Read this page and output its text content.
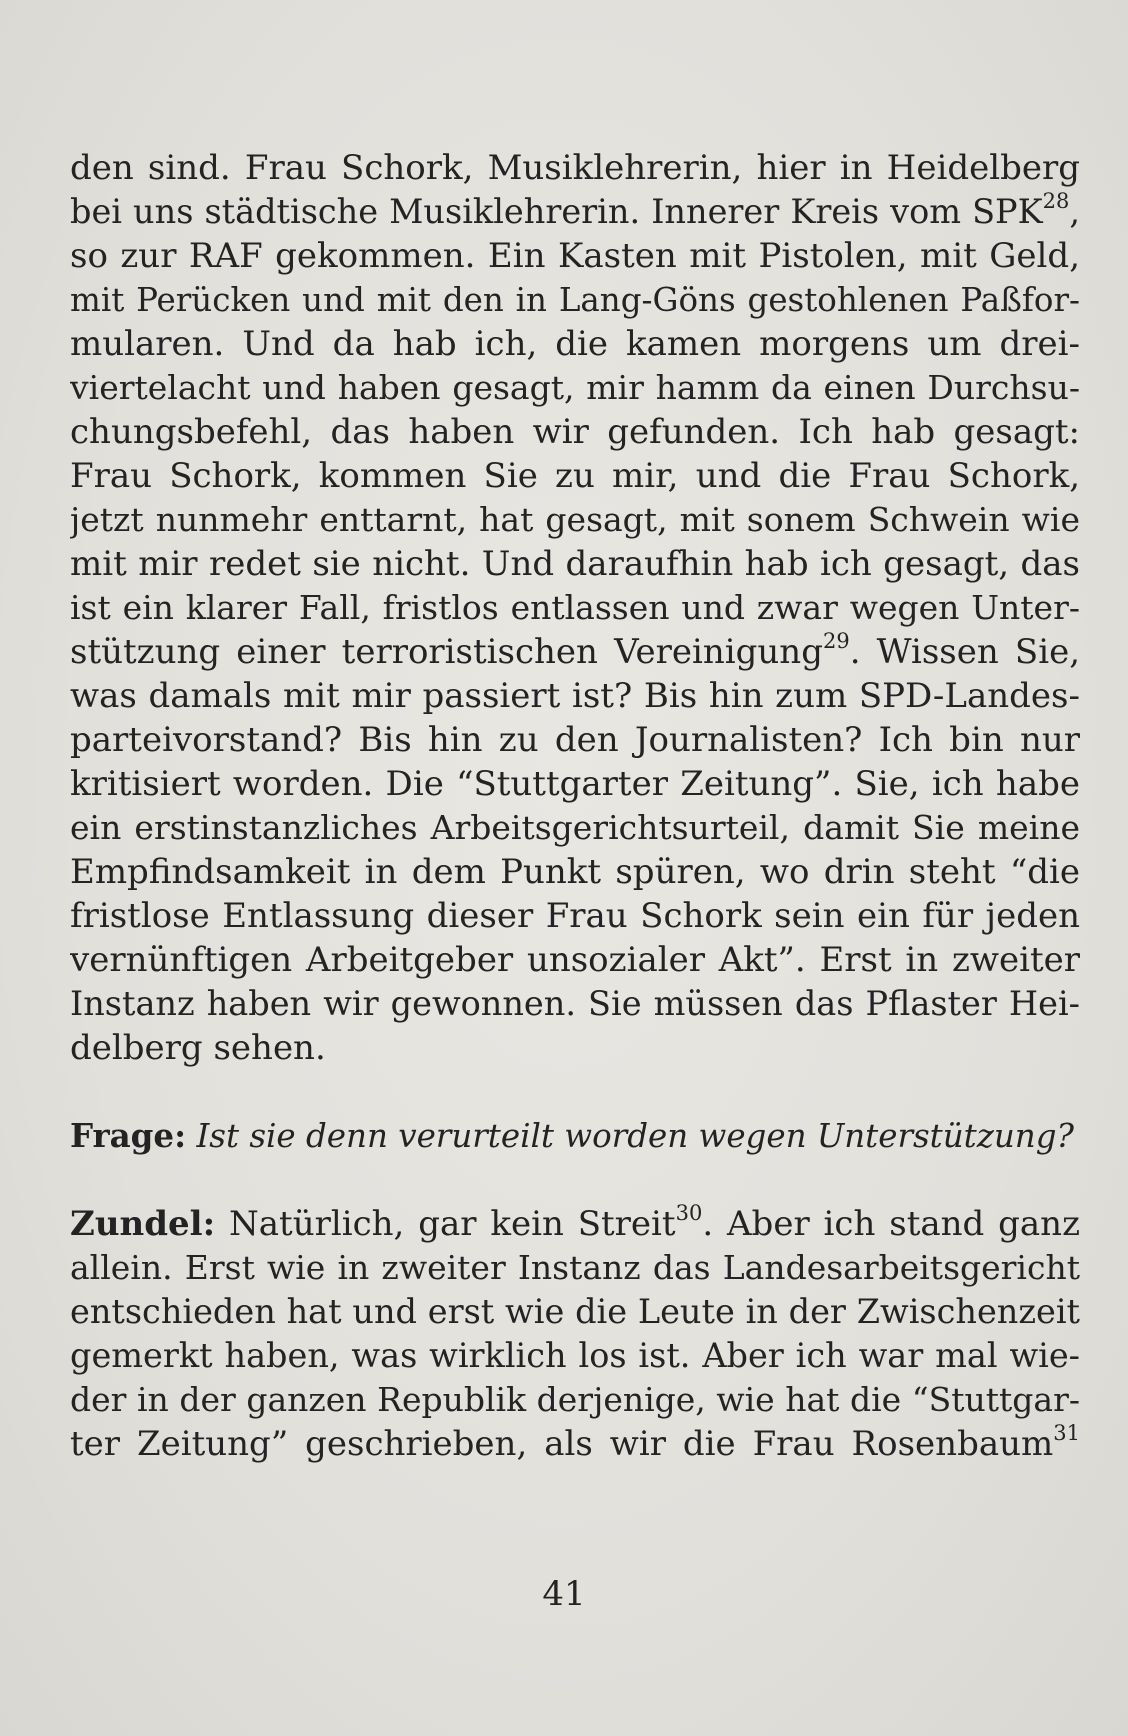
den sind. Frau Schork, Musiklehrerin, hier in Heidelberg
bei uns städtische Musiklehrerin. Innerer Kreis vom SPK$^{28}$,
so zur RAF gekommen. Ein Kasten mit Pistolen, mit Geld,
mit Perücken und mit den in Lang-Göns gestohlenen Paßfor-
mularen. Und da hab ich, die kamen morgens um drei-
viertelacht und haben gesagt, mir hamm da einen Durchsu-
chungsbefehl, das haben wir gefunden. Ich hab gesagt:
Frau Schork, kommen Sie zu mir, und die Frau Schork,
jetzt nunmehr enttarnt, hat gesagt, mit sonem Schwein wie
mit mir redet sie nicht. Und daraufhin hab ich gesagt, das
ist ein klarer Fall, fristlos entlassen und zwar wegen Unter-
stützung einer terroristischen Vereinigung$^{29}$. Wissen Sie,
was damals mit mir passiert ist? Bis hin zum SPD-Landes-
parteivorstand? Bis hin zu den Journalisten? Ich bin nur
kritisiert worden. Die “Stuttgarter Zeitung”. Sie, ich habe
ein erstinstanzliches Arbeitsgerichtsurteil, damit Sie meine
Empfindsamkeit in dem Punkt spüren, wo drin steht “die
fristlose Entlassung dieser Frau Schork sein ein für jeden
vernünftigen Arbeitgeber unsozialer Akt”. Erst in zweiter
Instanz haben wir gewonnen. Sie müssen das Pflaster Hei-
delberg sehen.
Frage: Ist sie denn verurteilt worden wegen Unterstützung?
Zundel: Natürlich, gar kein Streit$^{30}$. Aber ich stand ganz
allein. Erst wie in zweiter Instanz das Landesarbeitsgericht
entschieden hat und erst wie die Leute in der Zwischenzeit
gemerkt haben, was wirklich los ist. Aber ich war mal wie-
der in der ganzen Republik derjenige, wie hat die “Stuttgar-
ter Zeitung” geschrieben, als wir die Frau Rosenbaum$^{31}$
41
